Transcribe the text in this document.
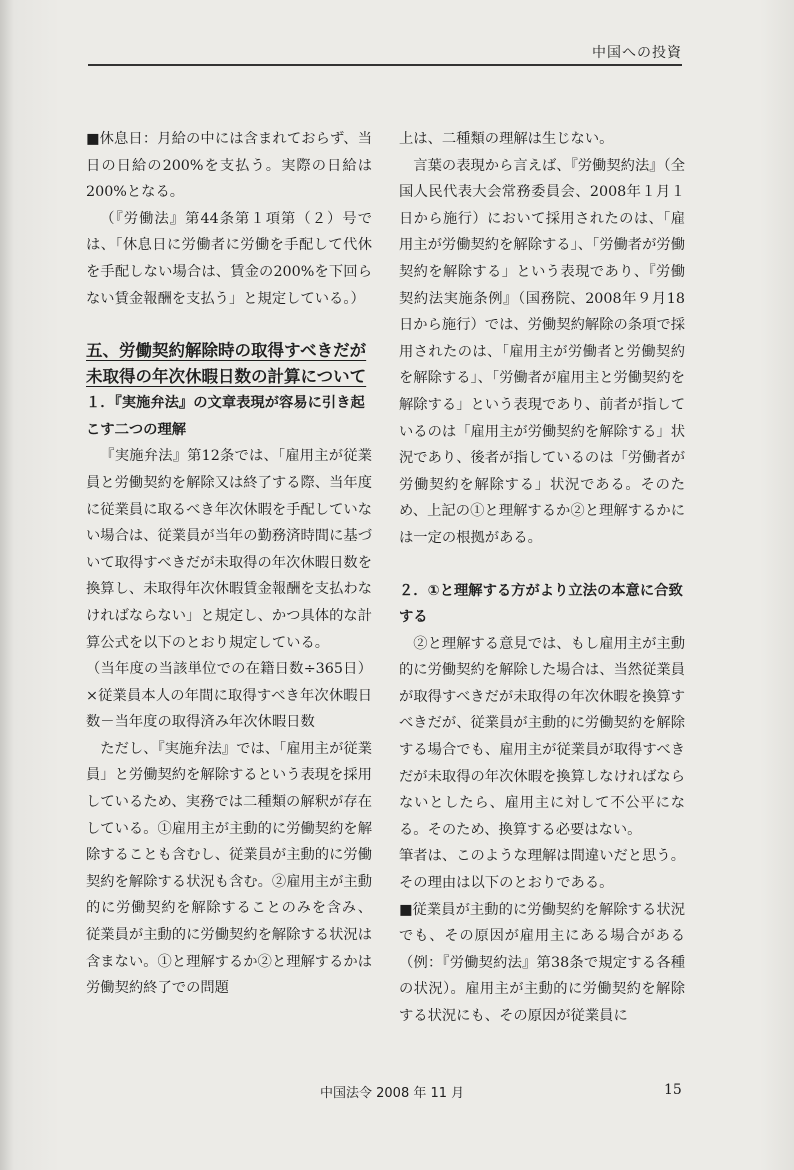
中国への投資

■休息日：月給の中には含まれておらず、当日の日給の200%を支払う。実際の日給は200%となる。

（『労働法』第44条第１項第（２）号では、「休息日に労働者に労働を手配して代休を手配しない場合は、賃金の200%を下回らない賃金報酬を支払う」と規定している。）

五、労働契約解除時の取得すべきだが未取得の年次休暇日数の計算について
１．『実施弁法』の文章表現が容易に引き起こす二つの理解

『実施弁法』第12条では、「雇用主が従業員と労働契約を解除又は終了する際、当年度に従業員に取るべき年次休暇を手配していない場合は、従業員が当年の勤務済時間に基づいて取得すべきだが未取得の年次休暇日数を換算し、未取得年次休暇賃金報酬を支払わなければならない」と規定し、かつ具体的な計算公式を以下のとおり規定している。

（当年度の当該単位での在籍日数÷365日）×従業員本人の年間に取得すべき年次休暇日数－当年度の取得済み年次休暇日数

ただし、『実施弁法』では、「雇用主が従業員」と労働契約を解除するという表現を採用しているため、実務では二種類の解釈が存在している。①雇用主が主動的に労働契約を解除することも含むし、従業員が主動的に労働契約を解除する状況も含む。②雇用主が主動的に労働契約を解除することのみを含み、従業員が主動的に労働契約を解除する状況は含まない。①と理解するか②と理解するかは労働契約終了での問題

上は、二種類の理解は生じない。

言葉の表現から言えば、『労働契約法』（全国人民代表大会常務委員会、2008年１月１日から施行）において採用されたのは、「雇用主が労働契約を解除する」、「労働者が労働契約を解除する」という表現であり、『労働契約法実施条例』（国務院、2008年９月18日から施行）では、労働契約解除の条項で採用されたのは、「雇用主が労働者と労働契約を解除する」、「労働者が雇用主と労働契約を解除する」という表現であり、前者が指しているのは「雇用主が労働契約を解除する」状況であり、後者が指しているのは「労働者が労働契約を解除する」状況である。そのため、上記の①と理解するか②と理解するかには一定の根拠がある。

２．①と理解する方がより立法の本意に合致する

②と理解する意見では、もし雇用主が主動的に労働契約を解除した場合は、当然従業員が取得すべきだが未取得の年次休暇を換算すべきだが、従業員が主動的に労働契約を解除する場合でも、雇用主が従業員が取得すべきだが未取得の年次休暇を換算しなければならないとしたら、雇用主に対して不公平になる。そのため、換算する必要はない。

筆者は、このような理解は間違いだと思う。その理由は以下のとおりである。

■従業員が主動的に労働契約を解除する状況でも、その原因が雇用主にある場合がある（例：『労働契約法』第38条で規定する各種の状況）。雇用主が主動的に労働契約を解除する状況にも、その原因が従業員に

中国法令 2008 年 11 月	15
